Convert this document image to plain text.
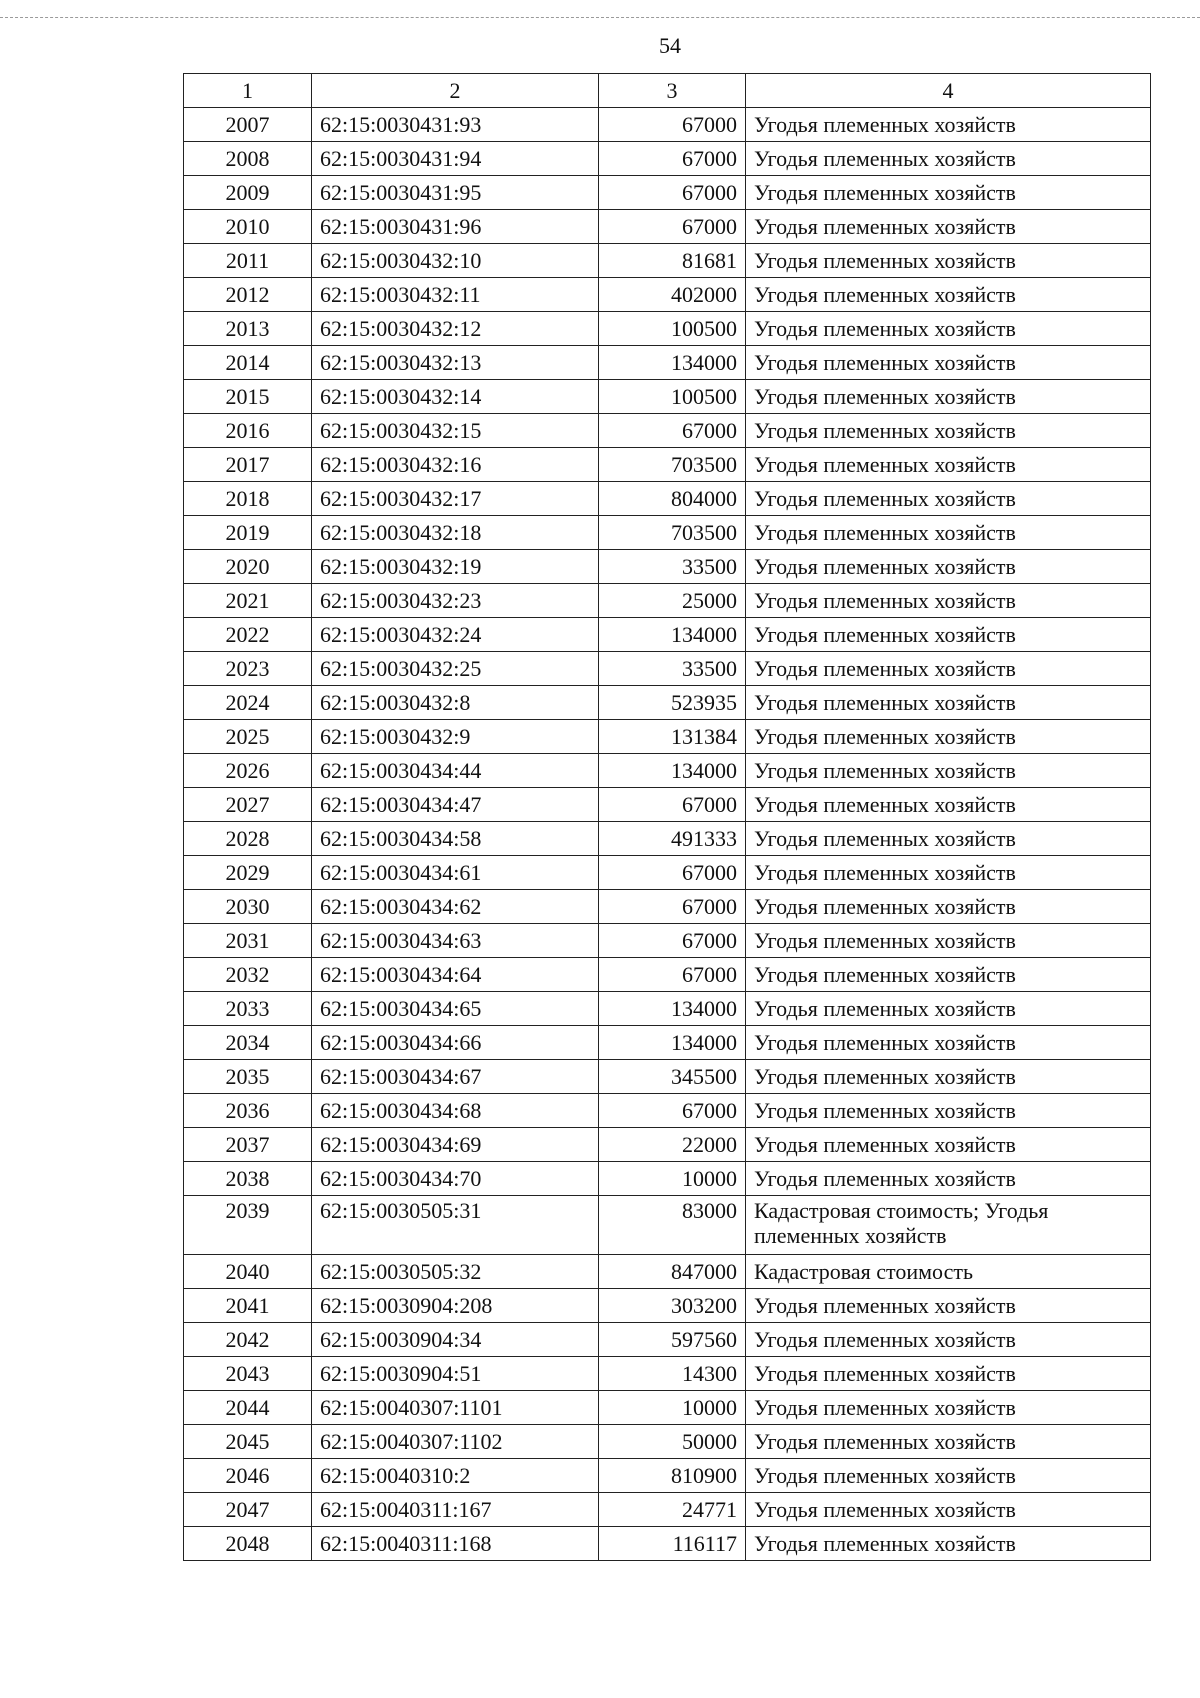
54
1	2	3	4
2007	62:15:0030431:93	67000	Угодья племенных хозяйств
2008	62:15:0030431:94	67000	Угодья племенных хозяйств
2009	62:15:0030431:95	67000	Угодья племенных хозяйств
2010	62:15:0030431:96	67000	Угодья племенных хозяйств
2011	62:15:0030432:10	81681	Угодья племенных хозяйств
2012	62:15:0030432:11	402000	Угодья племенных хозяйств
2013	62:15:0030432:12	100500	Угодья племенных хозяйств
2014	62:15:0030432:13	134000	Угодья племенных хозяйств
2015	62:15:0030432:14	100500	Угодья племенных хозяйств
2016	62:15:0030432:15	67000	Угодья племенных хозяйств
2017	62:15:0030432:16	703500	Угодья племенных хозяйств
2018	62:15:0030432:17	804000	Угодья племенных хозяйств
2019	62:15:0030432:18	703500	Угодья племенных хозяйств
2020	62:15:0030432:19	33500	Угодья племенных хозяйств
2021	62:15:0030432:23	25000	Угодья племенных хозяйств
2022	62:15:0030432:24	134000	Угодья племенных хозяйств
2023	62:15:0030432:25	33500	Угодья племенных хозяйств
2024	62:15:0030432:8	523935	Угодья племенных хозяйств
2025	62:15:0030432:9	131384	Угодья племенных хозяйств
2026	62:15:0030434:44	134000	Угодья племенных хозяйств
2027	62:15:0030434:47	67000	Угодья племенных хозяйств
2028	62:15:0030434:58	491333	Угодья племенных хозяйств
2029	62:15:0030434:61	67000	Угодья племенных хозяйств
2030	62:15:0030434:62	67000	Угодья племенных хозяйств
2031	62:15:0030434:63	67000	Угодья племенных хозяйств
2032	62:15:0030434:64	67000	Угодья племенных хозяйств
2033	62:15:0030434:65	134000	Угодья племенных хозяйств
2034	62:15:0030434:66	134000	Угодья племенных хозяйств
2035	62:15:0030434:67	345500	Угодья племенных хозяйств
2036	62:15:0030434:68	67000	Угодья племенных хозяйств
2037	62:15:0030434:69	22000	Угодья племенных хозяйств
2038	62:15:0030434:70	10000	Угодья племенных хозяйств
2039	62:15:0030505:31	83000	Кадастровая стоимость; Угодья племенных хозяйств
2040	62:15:0030505:32	847000	Кадастровая стоимость
2041	62:15:0030904:208	303200	Угодья племенных хозяйств
2042	62:15:0030904:34	597560	Угодья племенных хозяйств
2043	62:15:0030904:51	14300	Угодья племенных хозяйств
2044	62:15:0040307:1101	10000	Угодья племенных хозяйств
2045	62:15:0040307:1102	50000	Угодья племенных хозяйств
2046	62:15:0040310:2	810900	Угодья племенных хозяйств
2047	62:15:0040311:167	24771	Угодья племенных хозяйств
2048	62:15:0040311:168	116117	Угодья племенных хозяйств
